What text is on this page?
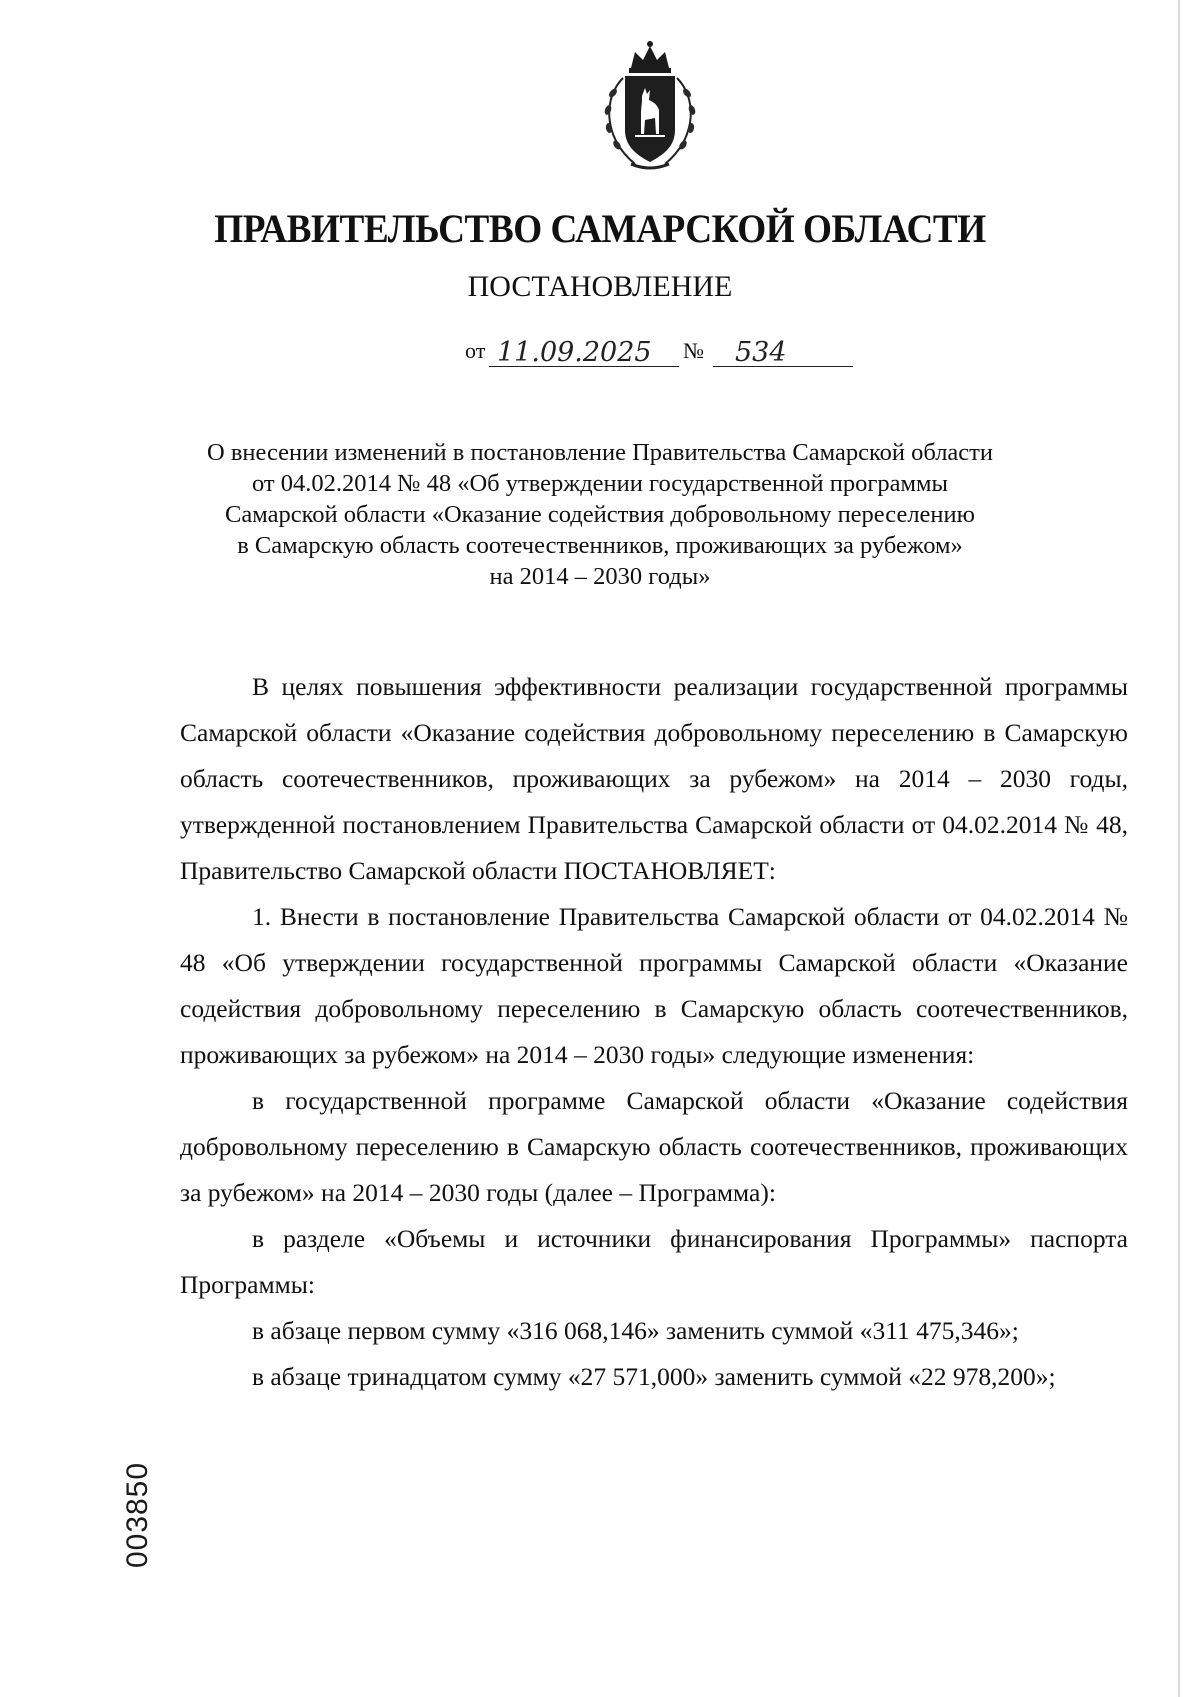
ПРАВИТЕЛЬСТВО САМАРСКОЙ ОБЛАСТИ
ПОСТАНОВЛЕНИЕ
от 11.09.2025 № 534
О внесении изменений в постановление Правительства Самарской области
от 04.02.2014 № 48 «Об утверждении государственной программы
Самарской области «Оказание содействия добровольному переселению
в Самарскую область соотечественников, проживающих за рубежом»
на 2014 – 2030 годы»

В целях повышения эффективности реализации государственной программы Самарской области «Оказание содействия добровольному переселению в Самарскую область соотечественников, проживающих за рубежом» на 2014 – 2030 годы, утвержденной постановлением Правительства Самарской области от 04.02.2014 № 48, Правительство Самарской области ПОСТАНОВЛЯЕТ:

1. Внести в постановление Правительства Самарской области от 04.02.2014 № 48 «Об утверждении государственной программы Самарской области «Оказание содействия добровольному переселению в Самарскую область соотечественников, проживающих за рубежом» на 2014 – 2030 годы» следующие изменения:

в государственной программе Самарской области «Оказание содействия добровольному переселению в Самарскую область соотечественников, проживающих за рубежом» на 2014 – 2030 годы (далее – Программа):

в разделе «Объемы и источники финансирования Программы» паспорта Программы:

в абзаце первом сумму «316 068,146» заменить суммой «311 475,346»;

в абзаце тринадцатом сумму «27 571,000» заменить суммой «22 978,200»;

003850
